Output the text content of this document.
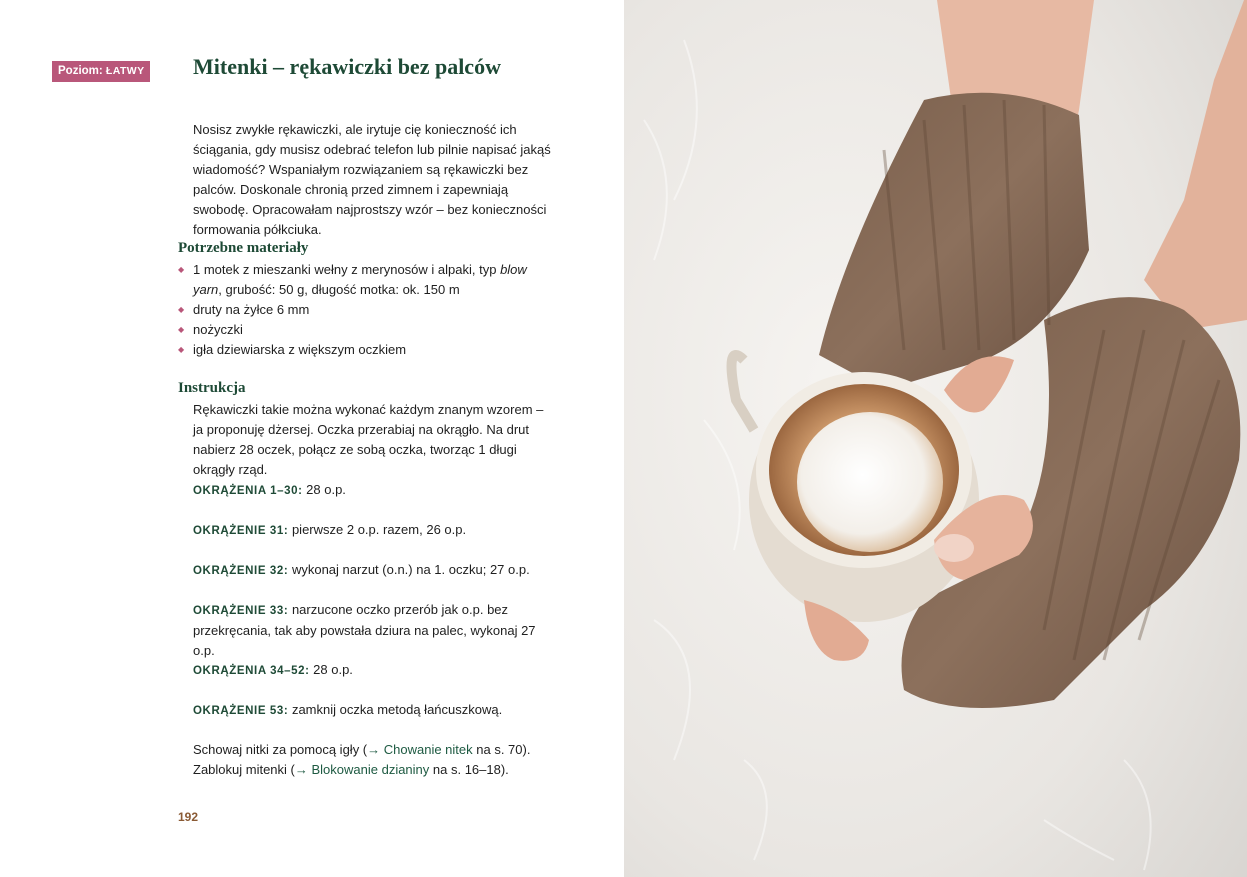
Poziom: ŁATWY Mitenki – rękawiczki bez palców

Nosisz zwykłe rękawiczki, ale irytuje cię konieczność ich ściągania, gdy musisz odebrać telefon lub pilnie napisać jakąś wiadomość? Wspaniałym rozwiązaniem są rękawiczki bez palców. Doskonale chronią przed zimnem i zapewniają swobodę. Opracowałam najprostszy wzór – bez konieczności formowania półkciuka.

Potrzebne materiały
◆ 1 motek z mieszanki wełny z merynosów i alpaki, typ blow yarn, grubość: 50 g, długość motka: ok. 150 m
◆ druty na żyłce 6 mm
◆ nożyczki
◆ igła dziewiarska z większym oczkiem
Instrukcja

Rękawiczki takie można wykonać każdym znanym wzorem – ja proponuję dżersej. Oczka przerabiaj na okrągło. Na drut nabierz 28 oczek, połącz ze sobą oczka, tworząc 1 długi okrągły rząd.

OKRĄŻENIA 1–30: 28 o.p.

OKRĄŻENIE 31: pierwsze 2 o.p. razem, 26 o.p.

OKRĄŻENIE 32: wykonaj narzut (o.n.) na 1. oczku; 27 o.p.

OKRĄŻENIE 33: narzucone oczko przerób jak o.p. bez przekręcania, tak aby powstała dziura na palec, wykonaj 27 o.p.

OKRĄŻENIA 34–52: 28 o.p.

OKRĄŻENIE 53: zamknij oczka metodą łańcuszkową.

Schowaj nitki za pomocą igły (→ Chowanie nitek na s. 70). Zablokuj mitenki (→ Blokowanie dzianiny na s. 16–18).

192
